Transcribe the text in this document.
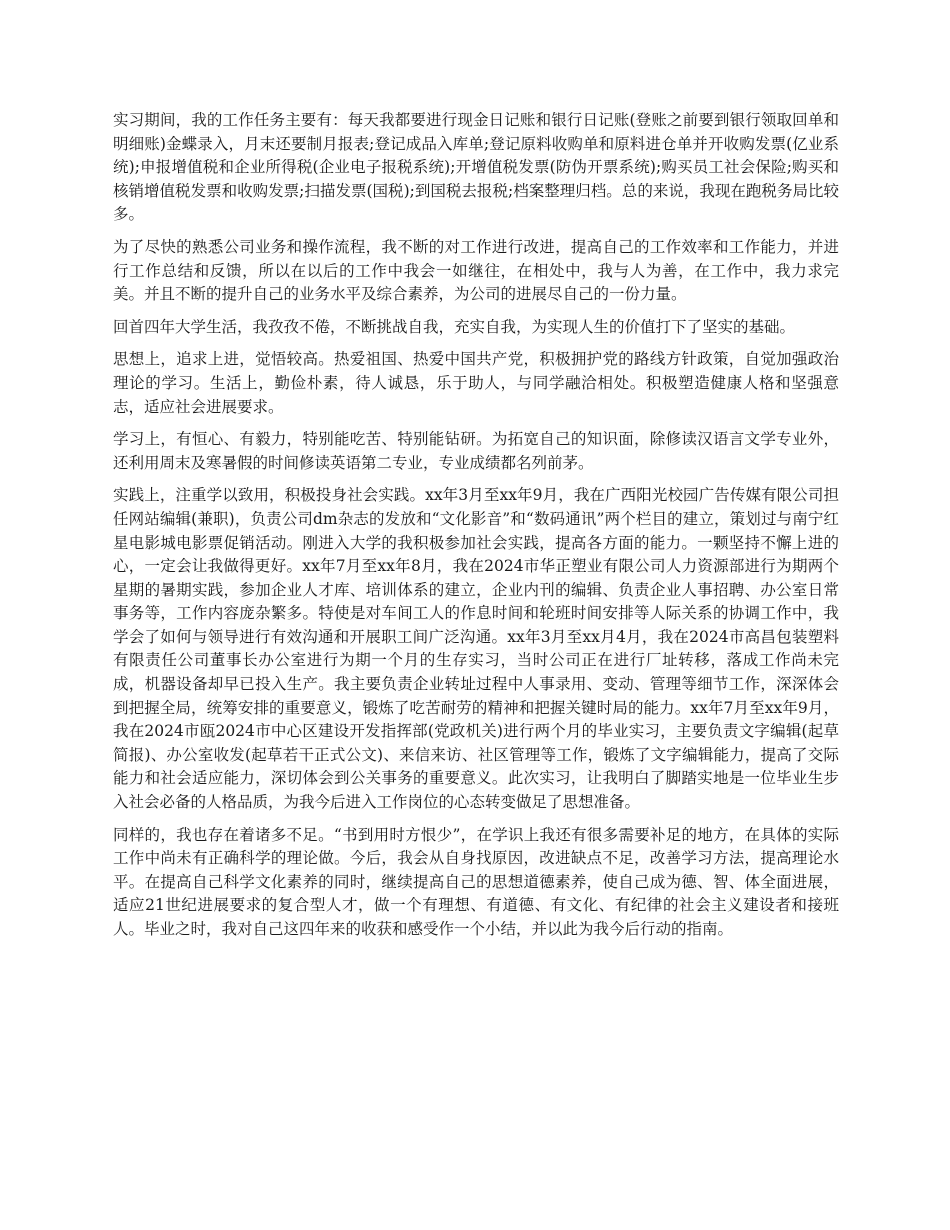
实习期间，我的工作任务主要有：每天我都要进行现金日记账和银行日记账(登账之前要到银行领取回单和明细账)金蝶录入，月末还要制月报表;登记成品入库单;登记原料收购单和原料进仓单并开收购发票(亿业系统);申报增值税和企业所得税(企业电子报税系统);开增值税发票(防伪开票系统);购买员工社会保险;购买和核销增值税发票和收购发票;扫描发票(国税);到国税去报税;档案整理归档。总的来说，我现在跑税务局比较多。

为了尽快的熟悉公司业务和操作流程，我不断的对工作进行改进，提高自己的工作效率和工作能力，并进行工作总结和反馈，所以在以后的工作中我会一如继往，在相处中，我与人为善，在工作中，我力求完美。并且不断的提升自己的业务水平及综合素养，为公司的进展尽自己的一份力量。

回首四年大学生活，我孜孜不倦，不断挑战自我，充实自我，为实现人生的价值打下了坚实的基础。

思想上，追求上进，觉悟较高。热爱祖国、热爱中国共产党，积极拥护党的路线方针政策，自觉加强政治理论的学习。生活上，勤俭朴素，待人诚恳，乐于助人，与同学融洽相处。积极塑造健康人格和坚强意志，适应社会进展要求。

学习上，有恒心、有毅力，特别能吃苦、特别能钻研。为拓宽自己的知识面，除修读汉语言文学专业外，还利用周末及寒暑假的时间修读英语第二专业，专业成绩都名列前茅。

实践上，注重学以致用，积极投身社会实践。xx年3月至xx年9月，我在广西阳光校园广告传媒有限公司担任网站编辑(兼职)，负责公司dm杂志的发放和“文化影音”和“数码通讯”两个栏目的建立，策划过与南宁红星电影城电影票促销活动。刚进入大学的我积极参加社会实践，提高各方面的能力。一颗坚持不懈上进的心，一定会让我做得更好。xx年7月至xx年8月，我在2024市华正塑业有限公司人力资源部进行为期两个星期的暑期实践，参加企业人才库、培训体系的建立，企业内刊的编辑、负责企业人事招聘、办公室日常事务等，工作内容庞杂繁多。特使是对车间工人的作息时间和轮班时间安排等人际关系的协调工作中，我学会了如何与领导进行有效沟通和开展职工间广泛沟通。xx年3月至xx月4月，我在2024市高昌包装塑料有限责任公司董事长办公室进行为期一个月的生存实习，当时公司正在进行厂址转移，落成工作尚未完成，机器设备却早已投入生产。我主要负责企业转址过程中人事录用、变动、管理等细节工作，深深体会到把握全局，统筹安排的重要意义，锻炼了吃苦耐劳的精神和把握关键时局的能力。xx年7月至xx年9月，我在2024市瓯2024市中心区建设开发指挥部(党政机关)进行两个月的毕业实习，主要负责文字编辑(起草简报)、办公室收发(起草若干正式公文)、来信来访、社区管理等工作，锻炼了文字编辑能力，提高了交际能力和社会适应能力，深切体会到公关事务的重要意义。此次实习，让我明白了脚踏实地是一位毕业生步入社会必备的人格品质，为我今后进入工作岗位的心态转变做足了思想准备。

同样的，我也存在着诸多不足。“书到用时方恨少”，在学识上我还有很多需要补足的地方，在具体的实际工作中尚未有正确科学的理论做。今后，我会从自身找原因，改进缺点不足，改善学习方法，提高理论水平。在提高自己科学文化素养的同时，继续提高自己的思想道德素养，使自己成为德、智、体全面进展，适应21世纪进展要求的复合型人才，做一个有理想、有道德、有文化、有纪律的社会主义建设者和接班人。毕业之时，我对自己这四年来的收获和感受作一个小结，并以此为我今后行动的指南。
